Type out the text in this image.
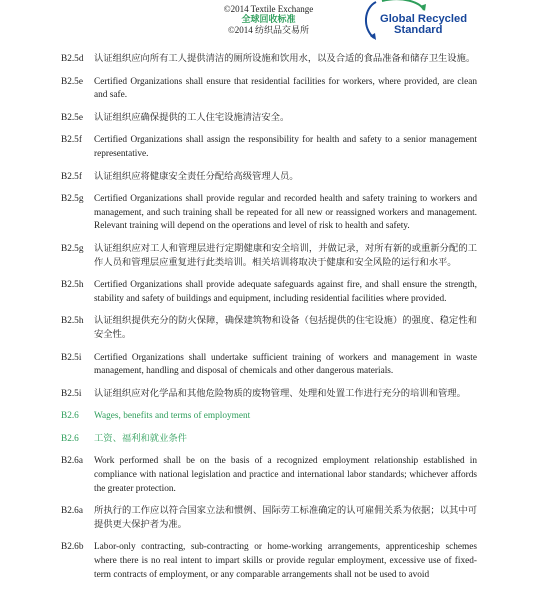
©2014 Textile Exchange
全球回收标准
©2014 纺织品交易所
Global Recycled
Standard
B2.5d	认证组织应向所有工人提供清洁的厕所设施和饮用水，以及合适的食品准备和储存卫生设施。
B2.5e	Certified Organizations shall ensure that residential facilities for workers, where provided, are clean and safe.
B2.5e	认证组织应确保提供的工人住宅设施清洁安全。
B2.5f	Certified Organizations shall assign the responsibility for health and safety to a senior management representative.
B2.5f	认证组织应将健康安全责任分配给高级管理人员。
B2.5g	Certified Organizations shall provide regular and recorded health and safety training to workers and management, and such training shall be repeated for all new or reassigned workers and management. Relevant training will depend on the operations and level of risk to health and safety.
B2.5g	认证组织应对工人和管理层进行定期健康和安全培训，并做记录，对所有新的或重新分配的工作人员和管理层应重复进行此类培训。相关培训将取决于健康和安全风险的运行和水平。
B2.5h	Certified Organizations shall provide adequate safeguards against fire, and shall ensure the strength, stability and safety of buildings and equipment, including residential facilities where provided.
B2.5h	认证组织提供充分的防火保障，确保建筑物和设备（包括提供的住宅设施）的强度、稳定性和安全性。
B2.5i	Certified Organizations shall undertake sufficient training of workers and management in waste management, handling and disposal of chemicals and other dangerous materials.
B2.5i	认证组织应对化学品和其他危险物质的废物管理、处理和处置工作进行充分的培训和管理。
B2.6	Wages, benefits and terms of employment
B2.6	工资、福利和就业条件
B2.6a	Work performed shall be on the basis of a recognized employment relationship established in compliance with national legislation and practice and international labor standards; whichever affords the greater protection.
B2.6a	所执行的工作应以符合国家立法和惯例、国际劳工标准确定的认可雇佣关系为依据；以其中可提供更大保护者为准。
B2.6b	Labor-only contracting, sub-contracting or home-working arrangements, apprenticeship schemes where there is no real intent to impart skills or provide regular employment, excessive use of fixed-term contracts of employment, or any comparable arrangements shall not be used to avoid
